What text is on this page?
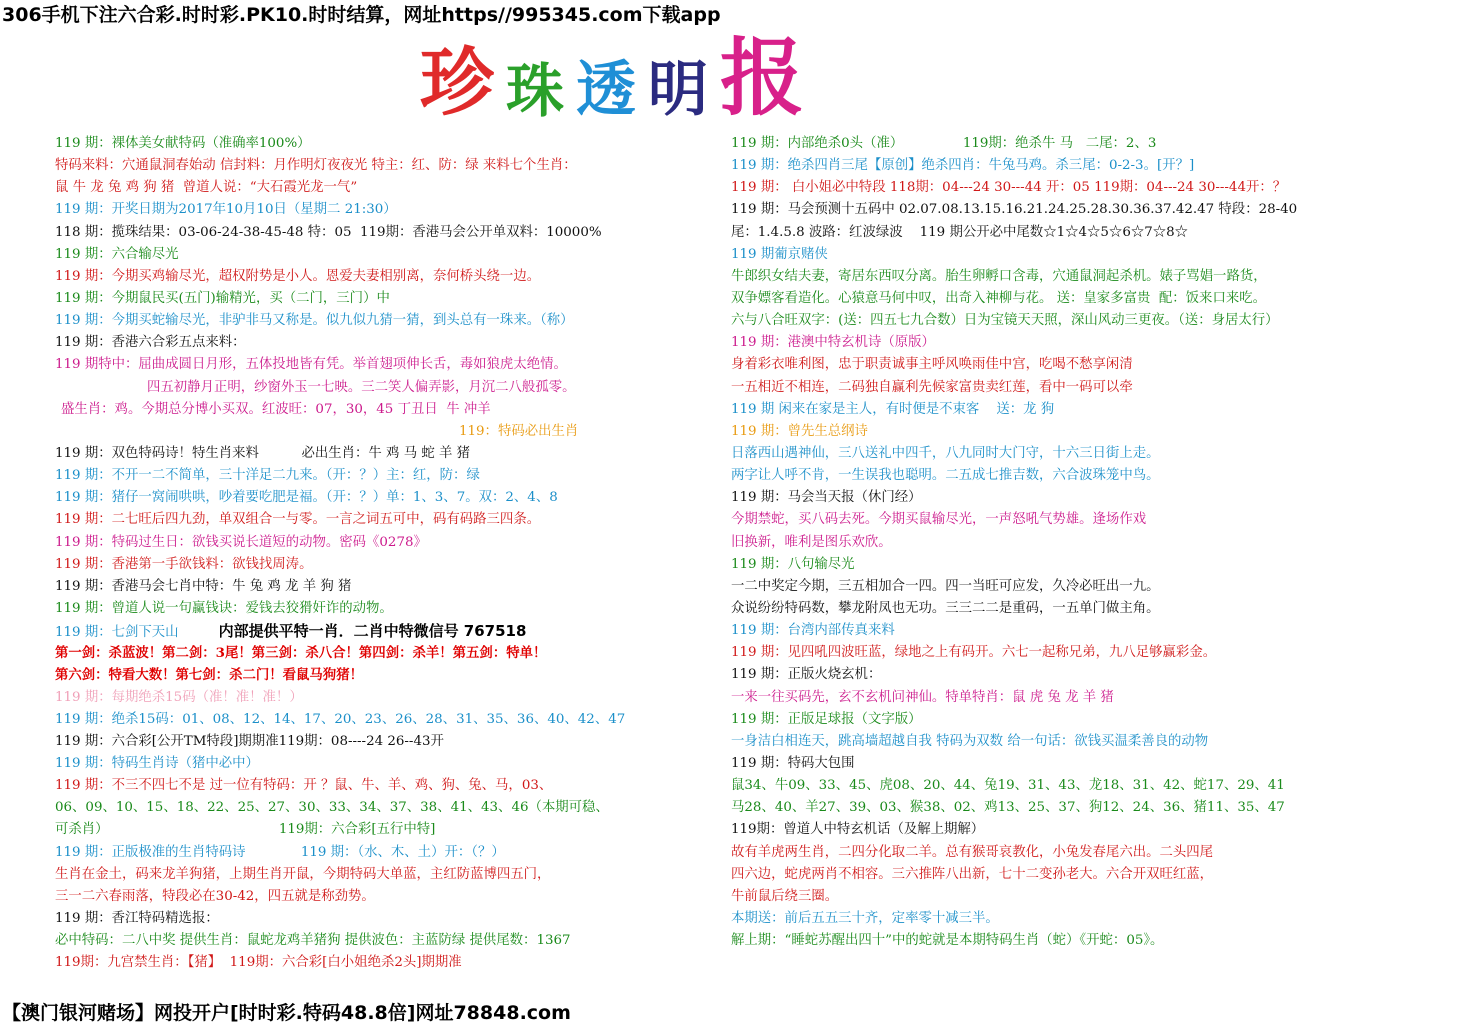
306手机下注六合彩.时时彩.PK10.时时结算，网址https//995345.com下载app
珍 珠 透 明 报
119 期：裸体美女献特码（准确率100%）
特码来料：穴通鼠洞春始动 信封料：月作明灯夜夜光 特主：红、防：绿 来料七个生肖：
鼠 牛 龙 兔 鸡 狗 猪  曾道人说：“大石霞光龙一气”
119 期：开奖日期为2017年10月10日（星期二 21:30）
118 期：揽珠结果：03-06-24-38-45-48 特：05  119期：香港马会公开单双料：10000%
119 期：六合输尽光
119 期：今期买鸡输尽光，超权附势是小人。恩爱夫妻相别离，奈何桥头绕一边。
119 期：今期鼠民买(五门)输精光，买（二门，三门）中
119 期：今期买蛇输尽光，非驴非马又称是。似九似九猜一猜，到头总有一珠来。（称）
119 期：香港六合彩五点来料：
119 期特中：屈曲成圆日月形，五体投地皆有凭。举首翅项伸长舌，毒如狼虎太绝情。
四五初静月正明，纱窗外玉一七映。三二笑人偏弄影，月沉二八般孤零。
盛生肖：鸡。今期总分博小买双。红波旺：07，30，45 丁丑日  牛 冲羊
119：特码必出生肖
119 期：双色特码诗！特生肖来料          必出生肖：牛 鸡 马 蛇 羊 猪
119 期：不开一二不简单，三十洋足二九来。（开：？）主：红，防：绿
119 期：猪仔一窝闹哄哄，吵着要吃肥是福。（开：？）单：1、3、7。双：2、4、8
119 期：二七旺后四九劲，单双组合一与零。一言之词五可中，码有码路三四条。
119 期：特码过生日：欲钱买说长道短的动物。密码《0278》
119 期：香港第一手欲钱料：欲钱找周涛。
119 期：香港马会七肖中特：牛 兔 鸡 龙 羊 狗 猪
119 期：曾道人说一句赢钱诀：爱钱去狡猾奸诈的动物。
119 期：七剑下天山	内部提供平特一肖．二肖中特微信号 767518
第一剑：杀蓝波！第二剑：3尾！第三剑：杀八合！第四剑：杀羊！第五剑：特单！
第六剑：特看大数！第七剑：杀二门！看鼠马狗猪！
119 期：每期绝杀15码（准！准！准！）
119 期：绝杀15码：01、08、12、14、17、20、23、26、28、31、35、36、40、42、47
119 期：六合彩[公开TM特段]期期准119期：08----24 26--43开
119 期：特码生肖诗（猪中必中）
119 期：不三不四七不是 过一位有特码：开 ？鼠、牛、羊、鸡、狗、兔、马，03、
06、09、10、15、18、22、25、27、30、33、34、37、38、41、43、46（本期可稳、
可杀肖）                                        119期：六合彩[五行中特]
119 期：正版极准的生肖特码诗             119 期：（水、木、土）开：（？）
生肖在金土，码来龙羊狗猪，上期生肖开鼠，今期特码大单蓝，主红防蓝博四五门，
三一二六春雨落，特段必在30-42，四五就是称劲势。
119 期：香江特码精选报：
必中特码：二八中奖 提供生肖：鼠蛇龙鸡羊猪狗 提供波色：主蓝防绿 提供尾数：1367
119期：九宫禁生肖：【猪】  119期：六合彩[白小姐绝杀2头]期期准
119 期：内部绝杀0头（准）              119期：绝杀牛 马   二尾：2、3
119 期：绝杀四肖三尾【原创】绝杀四肖：牛兔马鸡。杀三尾：0-2-3。[开？]
119 期： 白小姐必中特段 118期：04---24 30---44 开：05 119期：04---24 30---44开：？
119 期：马会预测十五码中 02.07.08.13.15.16.21.24.25.28.30.36.37.42.47 特段：28-40
尾：1.4.5.8 波路：红波绿波    119 期公开必中尾数☆1☆4☆5☆6☆7☆8☆
119 期葡京赌侠
牛郎织女结夫妻，寄居东西叹分离。胎生卵孵口含毒，穴通鼠洞起杀机。婊子骂娼一路货，
双争嫖客看造化。心猿意马何中叹，出奇入神柳与花。 送：皇家多富贵  配：饭来口来吃。
六与八合旺双字：(送：四五七九合数）日为宝镜天天照，深山风动三更夜。（送：身居太行）
119 期：港澳中特玄机诗（原版）
身着彩衣唯利图，忠于职责诚事主呼风唤雨佳中宫，吃喝不愁享闲清
一五相近不相连，二码独自赢利先候家富贵卖红莲，看中一码可以牵
119 期 闲来在家是主人，有时便是不束客    送：龙 狗
119 期：曾先生总纲诗
日落西山遇神仙，三八送礼中四千，八九同时大门守，十六三日街上走。
两字让人呼不肯，一生误我也聪明。二五成七推吉数，六合波珠笼中鸟。
119 期：马会当天报（休门经）
今期禁蛇，买八码去死。今期买鼠输尽光，一声怒吼气势雄。逢场作戏
旧换新，唯利是图乐欢欣。
119 期：八句输尽光
一二中奖定今期，三五相加合一四。四一当旺可应发，久冷必旺出一九。
众说纷纷特码数，攀龙附凤也无功。三三二二是重码，一五单门做主角。
119 期：台湾内部传真来料
119 期：见四吼四波旺蓝，绿地之上有码开。六七一起称兄弟，九八足够赢彩金。
119 期：正版火烧玄机：
一来一往买码先，玄不玄机问神仙。特单特肖：鼠 虎 兔 龙 羊 猪
119 期：正版足球报（文字版）
一身洁白相连天，跳高墙超越自我 特码为双数 给一句话：欲钱买温柔善良的动物
119 期：特码大包围
鼠34、牛09、33、45、虎08、20、44、兔19、31、43、龙18、31、42、蛇17、29、41
马28、40、羊27、39、03、猴38、02、鸡13、25、37、狗12、24、36、猪11、35、47
119期：曾道人中特玄机话（及解上期解）
故有羊虎两生肖，二四分化取二羊。总有猴哥哀教化，小兔发春尾六出。二头四尾
四六边，蛇虎两肖不相容。三六推阵八出新，七十二变孙老大。六合开双旺红蓝，
牛前鼠后绕三圈。
本期送：前后五五三十齐，定率零十减三半。
解上期：“睡蛇苏醒出四十”中的蛇就是本期特码生肖（蛇）《开蛇：05》。
【澳门银河赌场】网投开户[时时彩.特码48.8倍]网址78848.com
